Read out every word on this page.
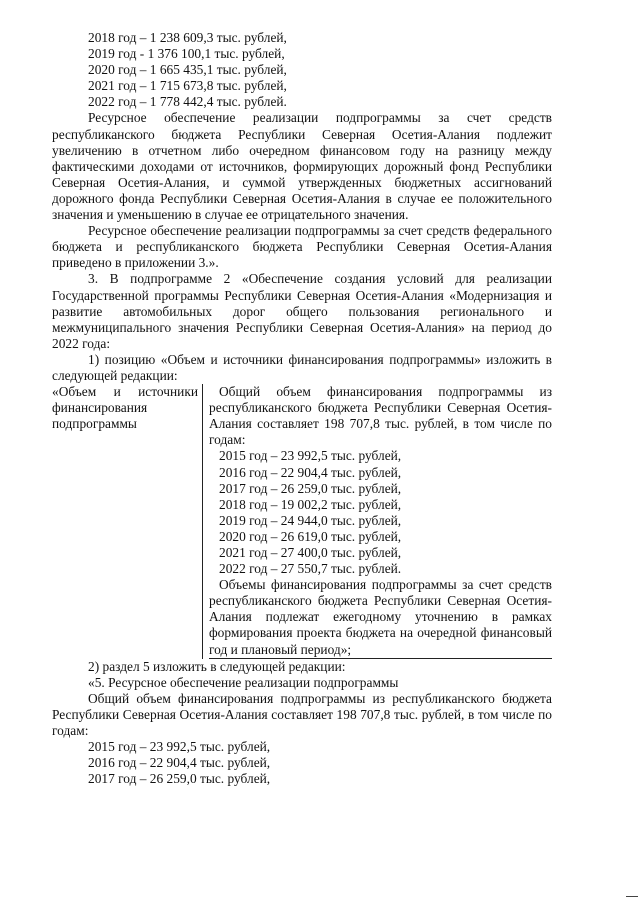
2018 год – 1 238 609,3 тыс. рублей,

2019 год - 1 376 100,1 тыс. рублей,

2020 год – 1 665 435,1 тыс. рублей,

2021 год – 1 715 673,8 тыс. рублей,

2022 год – 1 778 442,4 тыс. рублей.

Ресурсное обеспечение реализации подпрограммы за счет средств республиканского бюджета Республики Северная Осетия-Алания подлежит увеличению в отчетном либо очередном финансовом году на разницу между фактическими доходами от источников, формирующих дорожный фонд Республики Северная Осетия-Алания, и суммой утвержденных бюджетных ассигнований дорожного фонда Республики Северная Осетия-Алания в случае ее положительного значения и уменьшению в случае ее отрицательного значения.

Ресурсное обеспечение реализации подпрограммы за счет средств федерального бюджета и республиканского бюджета Республики Северная Осетия-Алания приведено в приложении 3.».

3. В подпрограмме 2 «Обеспечение создания условий для реализации Государственной программы Республики Северная Осетия-Алания «Модернизация и развитие автомобильных дорог общего пользования регионального и межмуниципального значения Республики Северная Осетия-Алания» на период до 2022 года:

1) позицию «Объем и источники финансирования подпрограммы» изложить в следующей редакции:

«Объем и источники финансирования подпрограммы

Общий объем финансирования подпрограммы из республиканского бюджета Республики Северная Осетия-Алания составляет 198 707,8 тыс. рублей, в том числе по годам:

2015 год – 23 992,5 тыс. рублей,

2016 год – 22 904,4 тыс. рублей,

2017 год – 26 259,0 тыс. рублей,

2018 год – 19 002,2 тыс. рублей,

2019 год – 24 944,0 тыс. рублей,

2020 год – 26 619,0 тыс. рублей,

2021 год – 27 400,0 тыс. рублей,

2022 год – 27 550,7 тыс. рублей.

Объемы финансирования подпрограммы за счет средств республиканского бюджета Республики Северная Осетия-Алания подлежат ежегодному уточнению в рамках формирования проекта бюджета на очередной финансовый год и плановый период»;

2) раздел 5 изложить в следующей редакции:

«5. Ресурсное обеспечение реализации подпрограммы

Общий объем финансирования подпрограммы из республиканского бюджета Республики Северная Осетия-Алания составляет 198 707,8 тыс. рублей, в том числе по годам:

2015 год – 23 992,5 тыс. рублей,

2016 год – 22 904,4 тыс. рублей,

2017 год – 26 259,0 тыс. рублей,
